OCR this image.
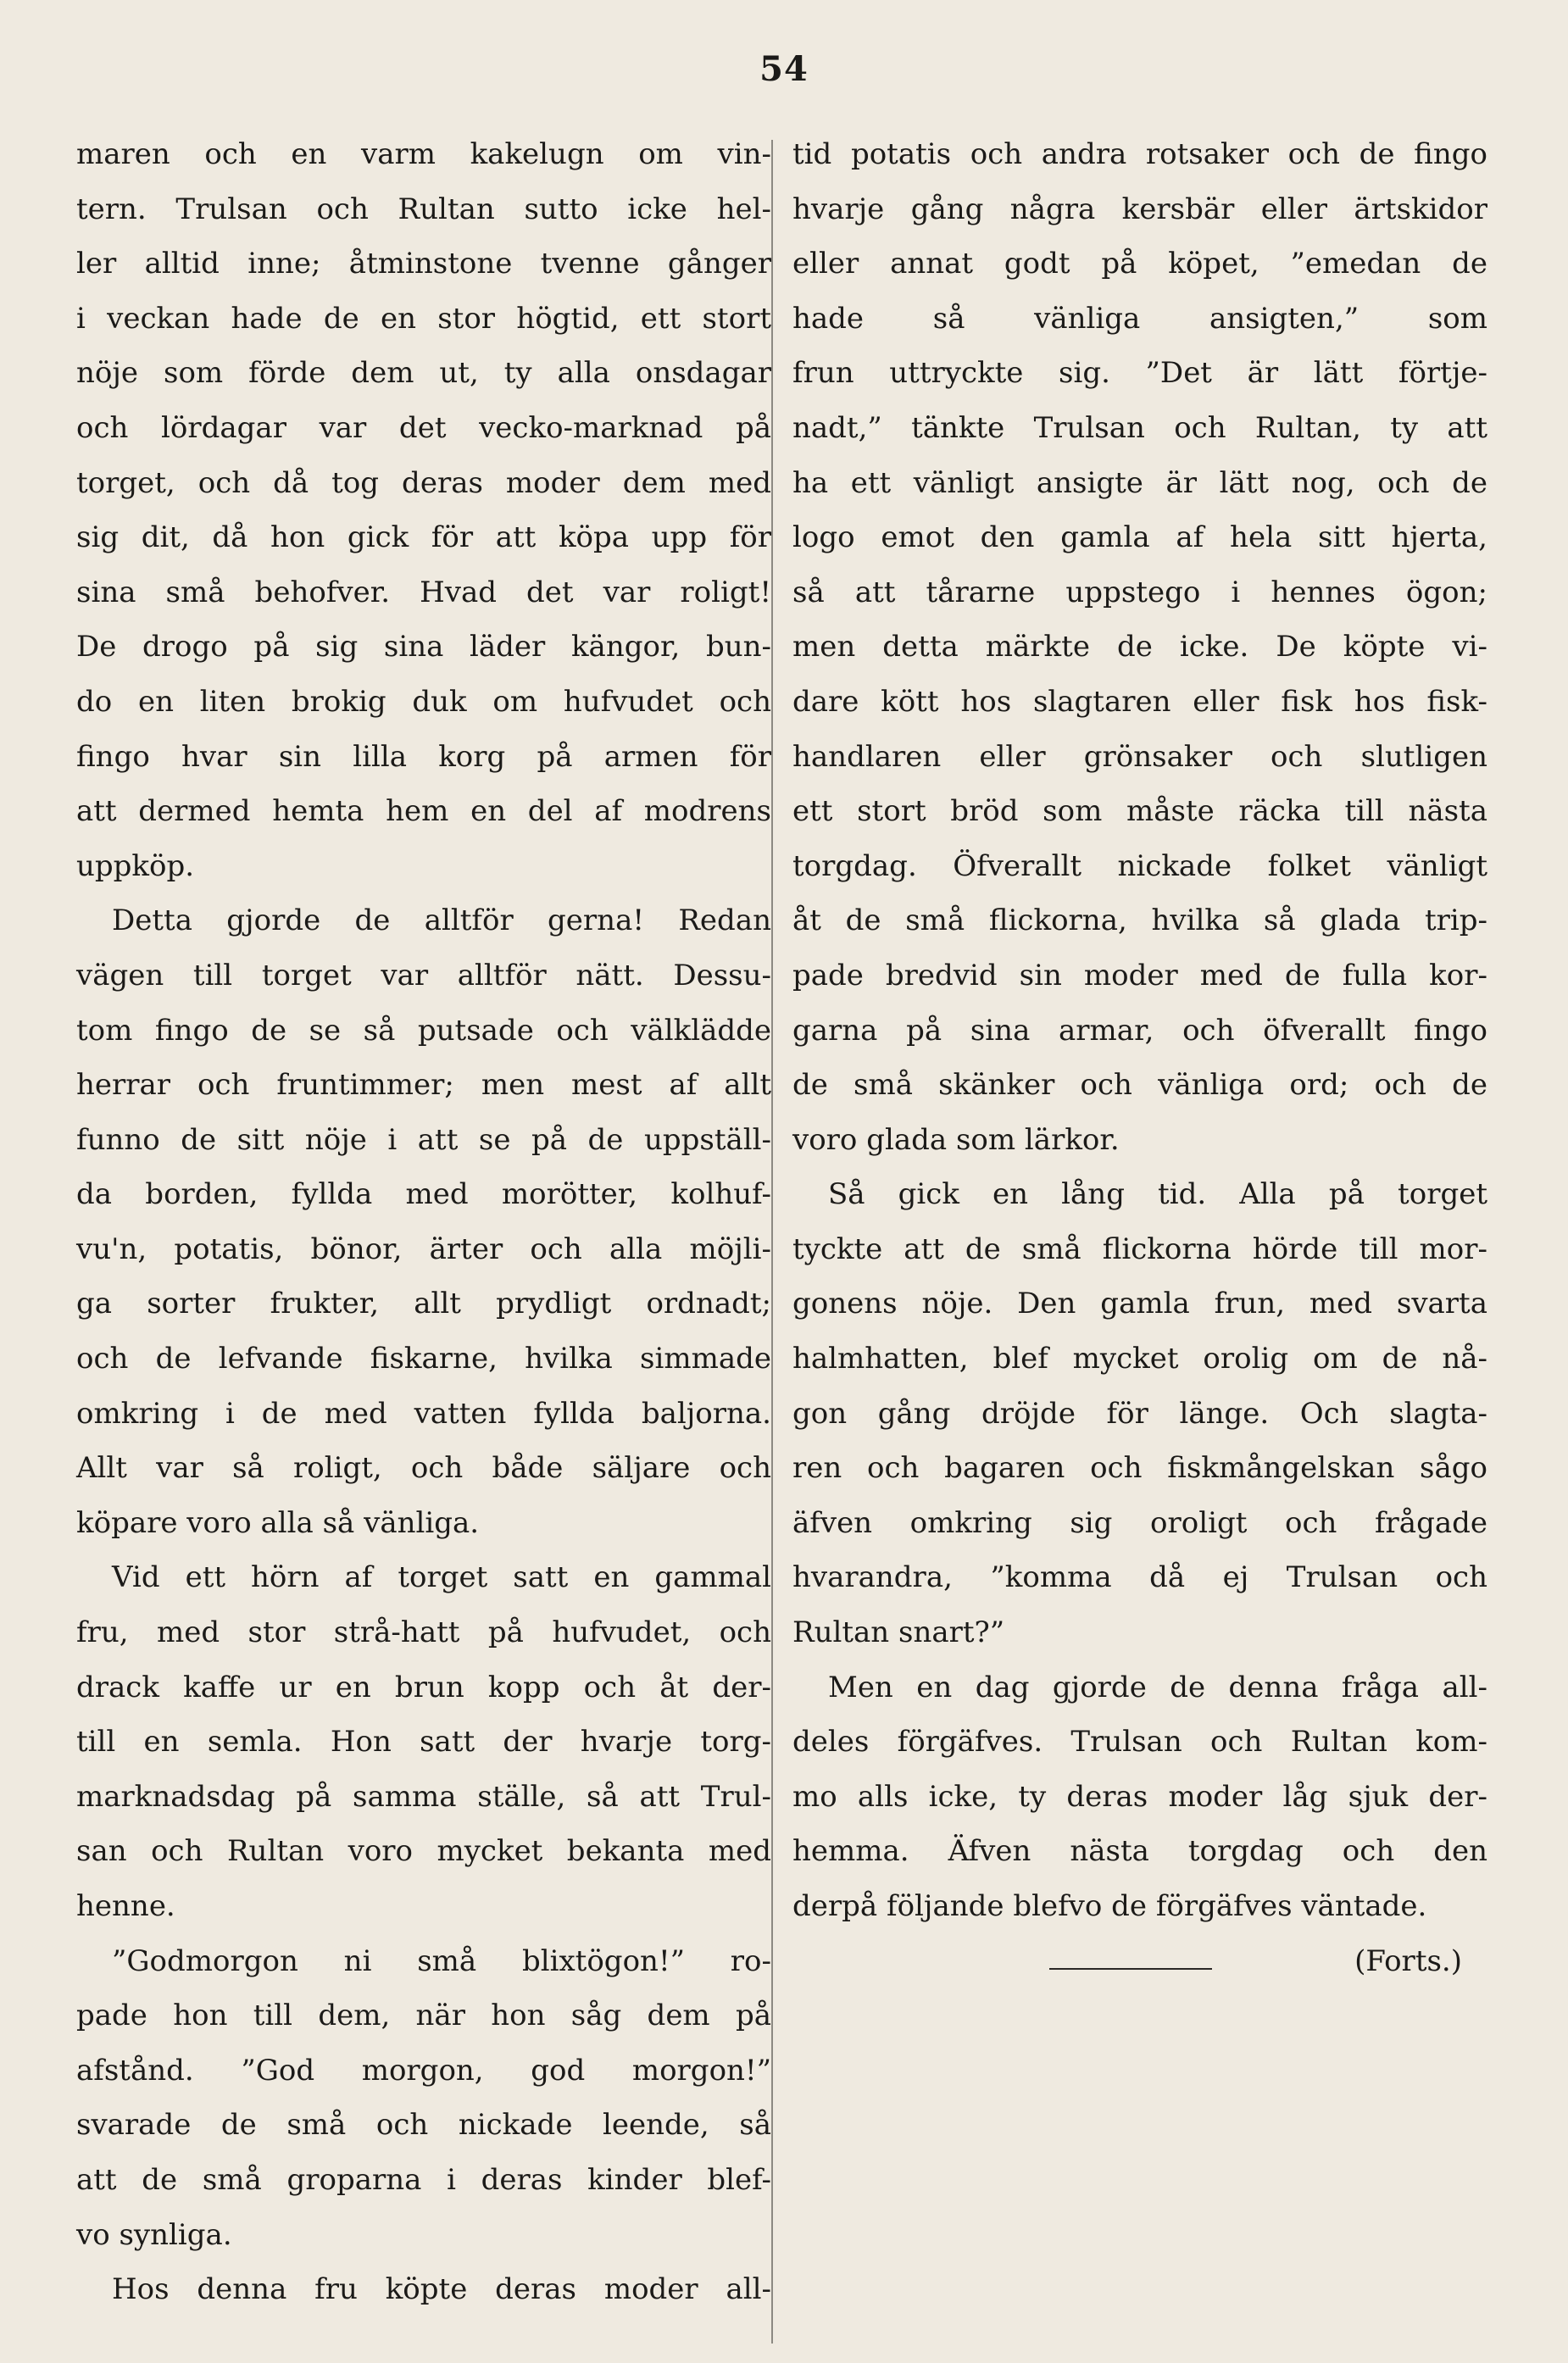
54
maren och en varm kakelugn om vin-
tern. Trulsan och Rultan sutto icke hel-
ler alltid inne; åtminstone tvenne gånger
i veckan hade de en stor högtid, ett stort
nöje som förde dem ut, ty alla onsdagar
och lördagar var det vecko-marknad på
torget, och då tog deras moder dem med
sig dit, då hon gick för att köpa upp för
sina små behofver. Hvad det var roligt!
De drogo på sig sina läder kängor, bun-
do en liten brokig duk om hufvudet och
fingo hvar sin lilla korg på armen för
att dermed hemta hem en del af modrens
uppköp.
Detta gjorde de alltför gerna! Redan
vägen till torget var alltför nätt. Dessu-
tom fingo de se så putsade och välklädde
herrar och fruntimmer; men mest af allt
funno de sitt nöje i att se på de uppställ-
da borden, fyllda med morötter, kolhuf-
vu'n, potatis, bönor, ärter och alla möjli-
ga sorter frukter, allt prydligt ordnadt;
och de lefvande fiskarne, hvilka simmade
omkring i de med vatten fyllda baljorna.
Allt var så roligt, och både säljare och
köpare voro alla så vänliga.
Vid ett hörn af torget satt en gammal
fru, med stor strå-hatt på hufvudet, och
drack kaffe ur en brun kopp och åt der-
till en semla. Hon satt der hvarje torg-
marknadsdag på samma ställe, så att Trul-
san och Rultan voro mycket bekanta med
henne.
”Godmorgon ni små blixtögon!” ro-
pade hon till dem, när hon såg dem på
afstånd. ”God morgon, god morgon!”
svarade de små och nickade leende, så
att de små groparna i deras kinder blef-
vo synliga.
Hos denna fru köpte deras moder all-
tid potatis och andra rotsaker och de fingo
hvarje gång några kersbär eller ärtskidor
eller annat godt på köpet, ”emedan de
hade så vänliga ansigten,” som
frun uttryckte sig. ”Det är lätt förtje-
nadt,” tänkte Trulsan och Rultan, ty att
ha ett vänligt ansigte är lätt nog, och de
logo emot den gamla af hela sitt hjerta,
så att tårarne uppstego i hennes ögon;
men detta märkte de icke. De köpte vi-
dare kött hos slagtaren eller fisk hos fisk-
handlaren eller grönsaker och slutligen
ett stort bröd som måste räcka till nästa
torgdag. Öfverallt nickade folket vänligt
åt de små flickorna, hvilka så glada trip-
pade bredvid sin moder med de fulla kor-
garna på sina armar, och öfverallt fingo
de små skänker och vänliga ord; och de
voro glada som lärkor.
Så gick en lång tid. Alla på torget
tyckte att de små flickorna hörde till mor-
gonens nöje. Den gamla frun, med svarta
halmhatten, blef mycket orolig om de nå-
gon gång dröjde för länge. Och slagta-
ren och bagaren och fiskmångelskan sågo
äfven omkring sig oroligt och frågade
hvarandra, ”komma då ej Trulsan och
Rultan snart?”
Men en dag gjorde de denna fråga all-
deles förgäfves. Trulsan och Rultan kom-
mo alls icke, ty deras moder låg sjuk der-
hemma. Äfven nästa torgdag och den
derpå följande blefvo de förgäfves väntade.
(Forts.)
